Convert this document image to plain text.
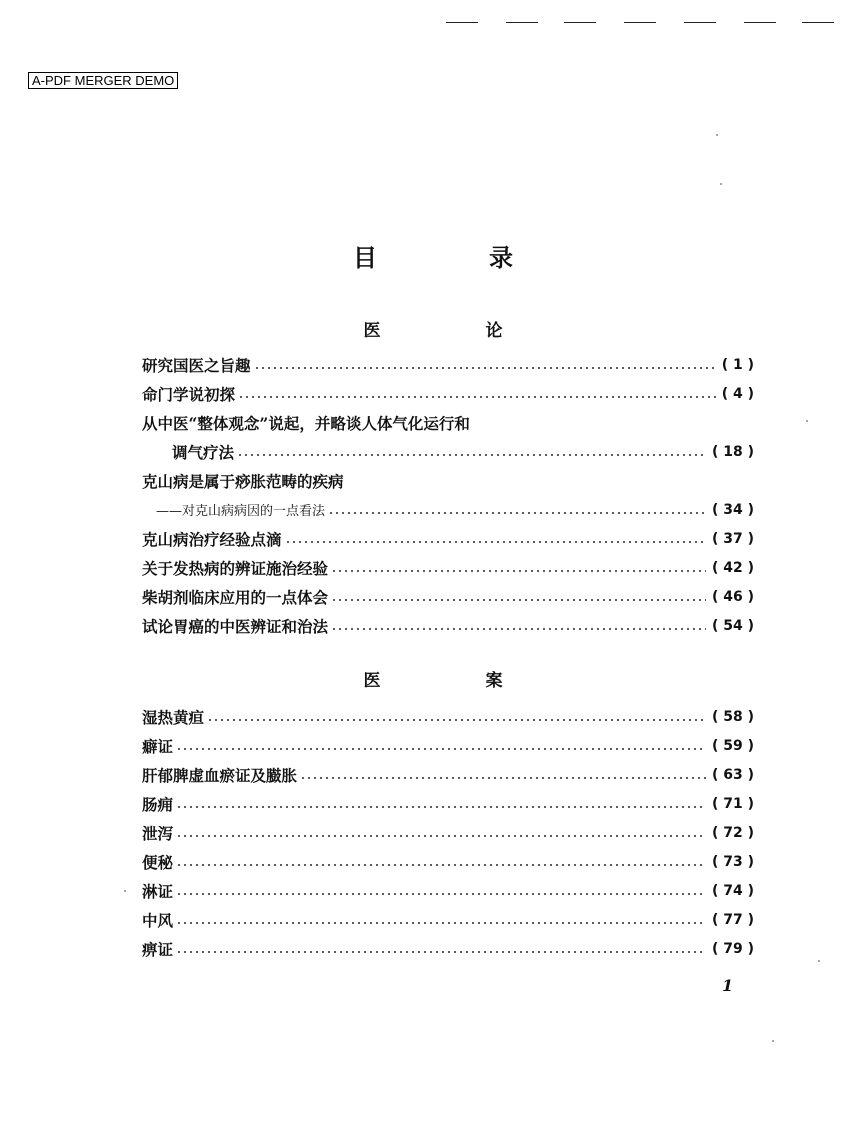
A-PDF MERGER DEMO
目　录
医　论
研究国医之旨趣	( 1 )
命门学说初探	( 4 )
从中医“整体观念”说起，并略谈人体气化运行和
调气疗法	( 18 )
克山病是属于痧胀范畴的疾病
——对克山病病因的一点看法	( 34 )
克山病治疗经验点滴	( 37 )
关于发热病的辨证施治经验	( 42 )
柴胡剂临床应用的一点体会	( 46 )
试论胃癌的中医辨证和治法	( 54 )
医　案
湿热黄疸	( 58 )
癖证	( 59 )
肝郁脾虚血瘀证及臌胀	( 63 )
肠痈	( 71 )
泄泻	( 72 )
便秘	( 73 )
淋证	( 74 )
中风	( 77 )
痹证	( 79 )
1
